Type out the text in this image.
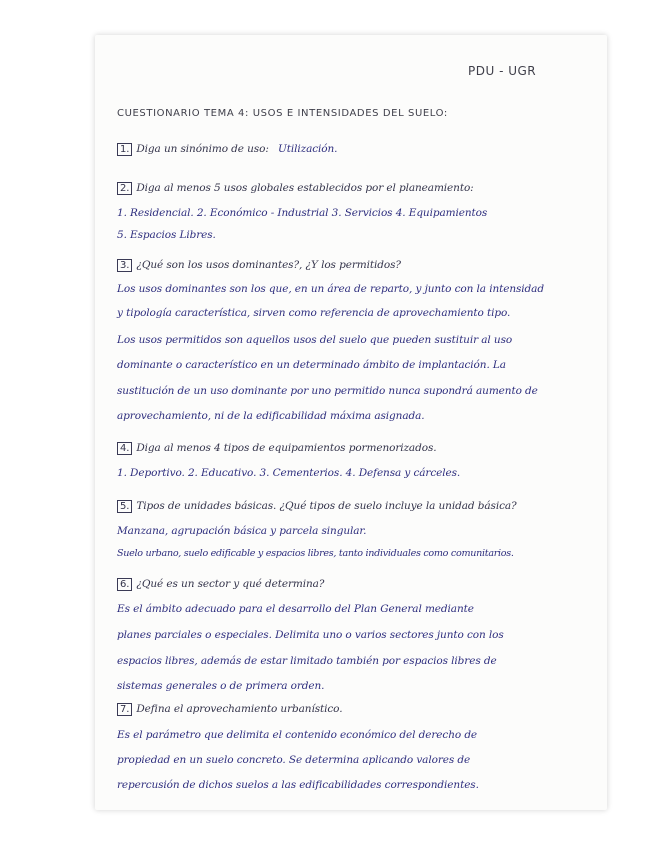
PDU - UGR
CUESTIONARIO TEMA 4: USOS E INTENSIDADES DEL SUELO:
1. Diga un sinónimo de uso: Utilización.
2. Diga al menos 5 usos globales establecidos por el planeamiento:
1. Residencial. 2. Económico - Industrial 3. Servicios 4. Equipamientos
5. Espacios Libres.
3. ¿Qué son los usos dominantes?, ¿Y los permitidos?
Los usos dominantes son los que, en un área de reparto, y junto con la intensidad
y tipología característica, sirven como referencia de aprovechamiento tipo.
Los usos permitidos son aquellos usos del suelo que pueden sustituir al uso
dominante o característico en un determinado ámbito de implantación. La
sustitución de un uso dominante por uno permitido nunca supondrá aumento de
aprovechamiento, ni de la edificabilidad máxima asignada.
4. Diga al menos 4 tipos de equipamientos pormenorizados.
1. Deportivo. 2. Educativo. 3. Cementerios. 4. Defensa y cárceles.
5. Tipos de unidades básicas. ¿Qué tipos de suelo incluye la unidad básica?
Manzana, agrupación básica y parcela singular.
Suelo urbano, suelo edificable y espacios libres, tanto individuales como comunitarios.
6. ¿Qué es un sector y qué determina?
Es el ámbito adecuado para el desarrollo del Plan General mediante
planes parciales o especiales. Delimita uno o varios sectores junto con los
espacios libres, además de estar limitado también por espacios libres de
sistemas generales o de primera orden.
7. Defina el aprovechamiento urbanístico.
Es el parámetro que delimita el contenido económico del derecho de
propiedad en un suelo concreto. Se determina aplicando valores de
repercusión de dichos suelos a las edificabilidades correspondientes.
